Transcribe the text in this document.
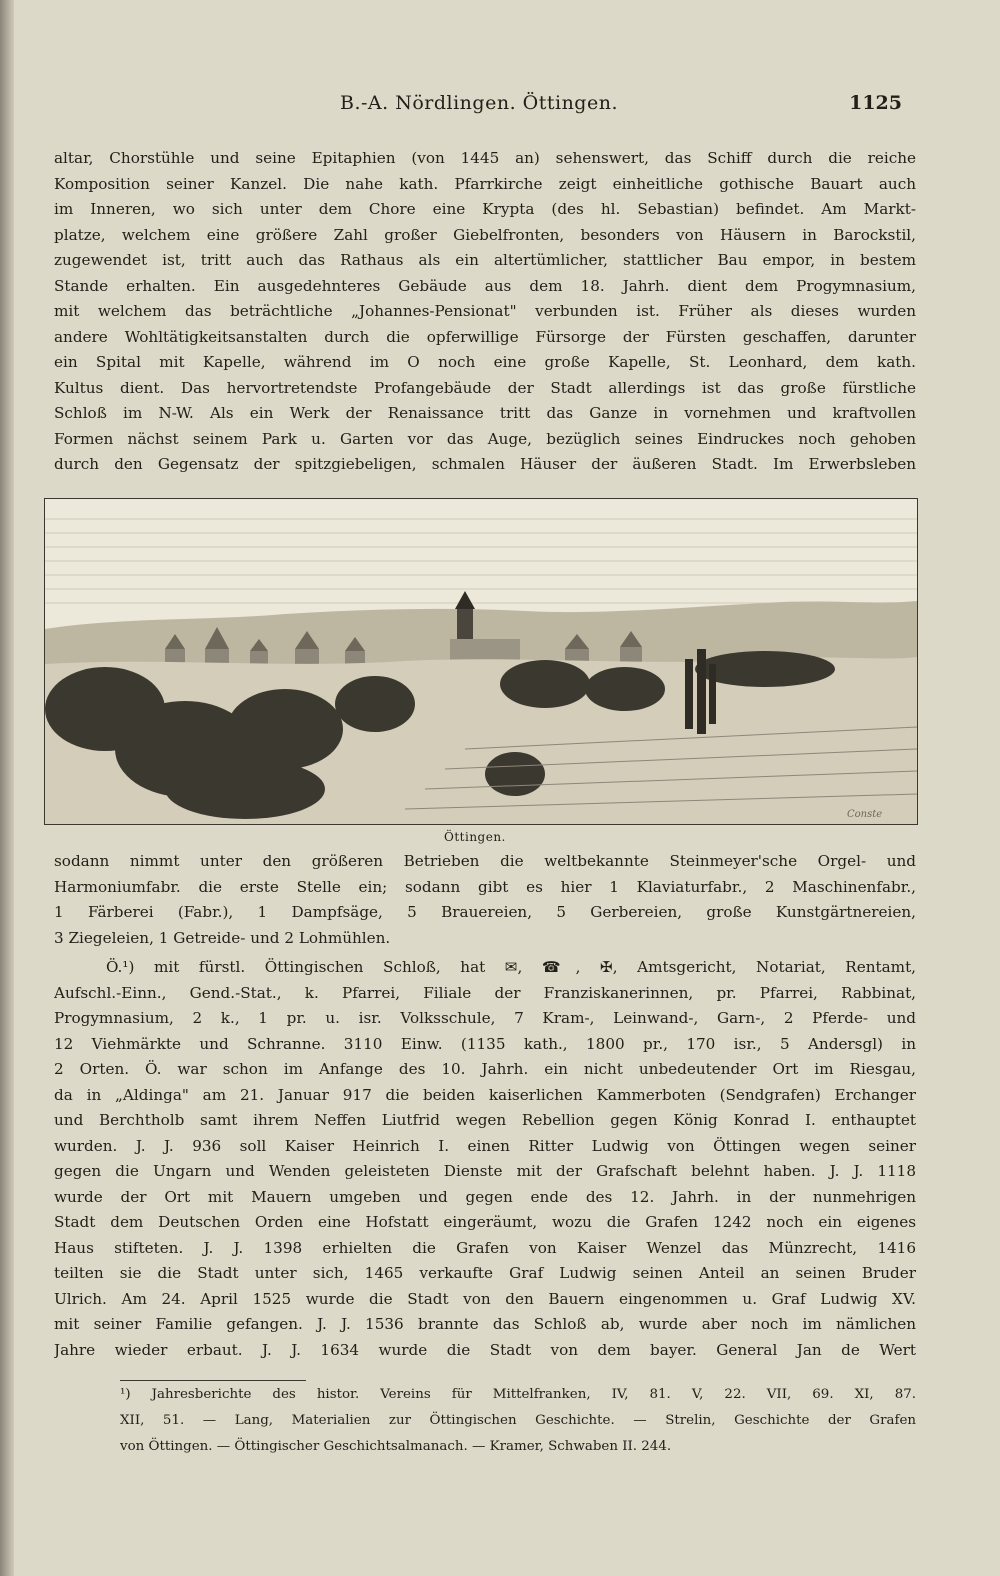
B.-A. Nördlingen. Öttingen.	1125
altar, Chorstühle und seine Epitaphien (von 1445 an) sehenswert, das Schiff durch die reiche
Komposition seiner Kanzel. Die nahe kath. Pfarrkirche zeigt einheitliche gothische Bauart auch
im Inneren, wo sich unter dem Chore eine Krypta (des hl. Sebastian) befindet. Am Markt-
platze, welchem eine größere Zahl großer Giebelfronten, besonders von Häusern in Barockstil,
zugewendet ist, tritt auch das Rathaus als ein altertümlicher, stattlicher Bau empor, in bestem
Stande erhalten. Ein ausgedehnteres Gebäude aus dem 18. Jahrh. dient dem Progymnasium,
mit welchem das beträchtliche „Johannes-Pensionat" verbunden ist. Früher als dieses wurden
andere Wohltätigkeitsanstalten durch die opferwillige Fürsorge der Fürsten geschaffen, darunter
ein Spital mit Kapelle, während im O noch eine große Kapelle, St. Leonhard, dem kath.
Kultus dient. Das hervortretendste Profangebäude der Stadt allerdings ist das große fürstliche
Schloß im N-W. Als ein Werk der Renaissance tritt das Ganze in vornehmen und kraftvollen
Formen nächst seinem Park u. Garten vor das Auge, bezüglich seines Eindruckes noch gehoben
durch den Gegensatz der spitzgiebeligen, schmalen Häuser der äußeren Stadt. Im Erwerbsleben
Conste
Öttingen.
sodann nimmt unter den größeren Betrieben die weltbekannte Steinmeyer'sche Orgel- und
Harmoniumfabr. die erste Stelle ein; sodann gibt es hier 1 Klaviaturfabr., 2 Maschinenfabr.,
1 Färberei (Fabr.), 1 Dampfsäge, 5 Brauereien, 5 Gerbereien, große Kunstgärtnereien,
3 Ziegeleien, 1 Getreide- und 2 Lohmühlen.
Ö.¹) mit fürstl. Öttingischen Schloß, hat ✉, ☎, ✠, Amtsgericht, Notariat, Rentamt,
Aufschl.-Einn., Gend.-Stat., k. Pfarrei, Filiale der Franziskanerinnen, pr. Pfarrei, Rabbinat,
Progymnasium, 2 k., 1 pr. u. isr. Volksschule, 7 Kram-, Leinwand-, Garn-, 2 Pferde- und
12 Viehmärkte und Schranne. 3110 Einw. (1135 kath., 1800 pr., 170 isr., 5 Andersgl) in
2 Orten. Ö. war schon im Anfange des 10. Jahrh. ein nicht unbedeutender Ort im Riesgau,
da in „Aldinga" am 21. Januar 917 die beiden kaiserlichen Kammerboten (Sendgrafen) Erchanger
und Berchtholb samt ihrem Neffen Liutfrid wegen Rebellion gegen König Konrad I. enthauptet
wurden. J. J. 936 soll Kaiser Heinrich I. einen Ritter Ludwig von Öttingen wegen seiner
gegen die Ungarn und Wenden geleisteten Dienste mit der Grafschaft belehnt haben. J. J. 1118
wurde der Ort mit Mauern umgeben und gegen ende des 12. Jahrh. in der nunmehrigen
Stadt dem Deutschen Orden eine Hofstatt eingeräumt, wozu die Grafen 1242 noch ein eigenes
Haus stifteten. J. J. 1398 erhielten die Grafen von Kaiser Wenzel das Münzrecht, 1416
teilten sie die Stadt unter sich, 1465 verkaufte Graf Ludwig seinen Anteil an seinen Bruder
Ulrich. Am 24. April 1525 wurde die Stadt von den Bauern eingenommen u. Graf Ludwig XV.
mit seiner Familie gefangen. J. J. 1536 brannte das Schloß ab, wurde aber noch im nämlichen
Jahre wieder erbaut. J. J. 1634 wurde die Stadt von dem bayer. General Jan de Wert
¹) Jahresberichte des histor. Vereins für Mittelfranken, IV, 81. V, 22. VII, 69. XI, 87.
XII, 51. — Lang, Materialien zur Öttingischen Geschichte. — Strelin, Geschichte der Grafen
von Öttingen. — Öttingischer Geschichtsalmanach. — Kramer, Schwaben II. 244.
